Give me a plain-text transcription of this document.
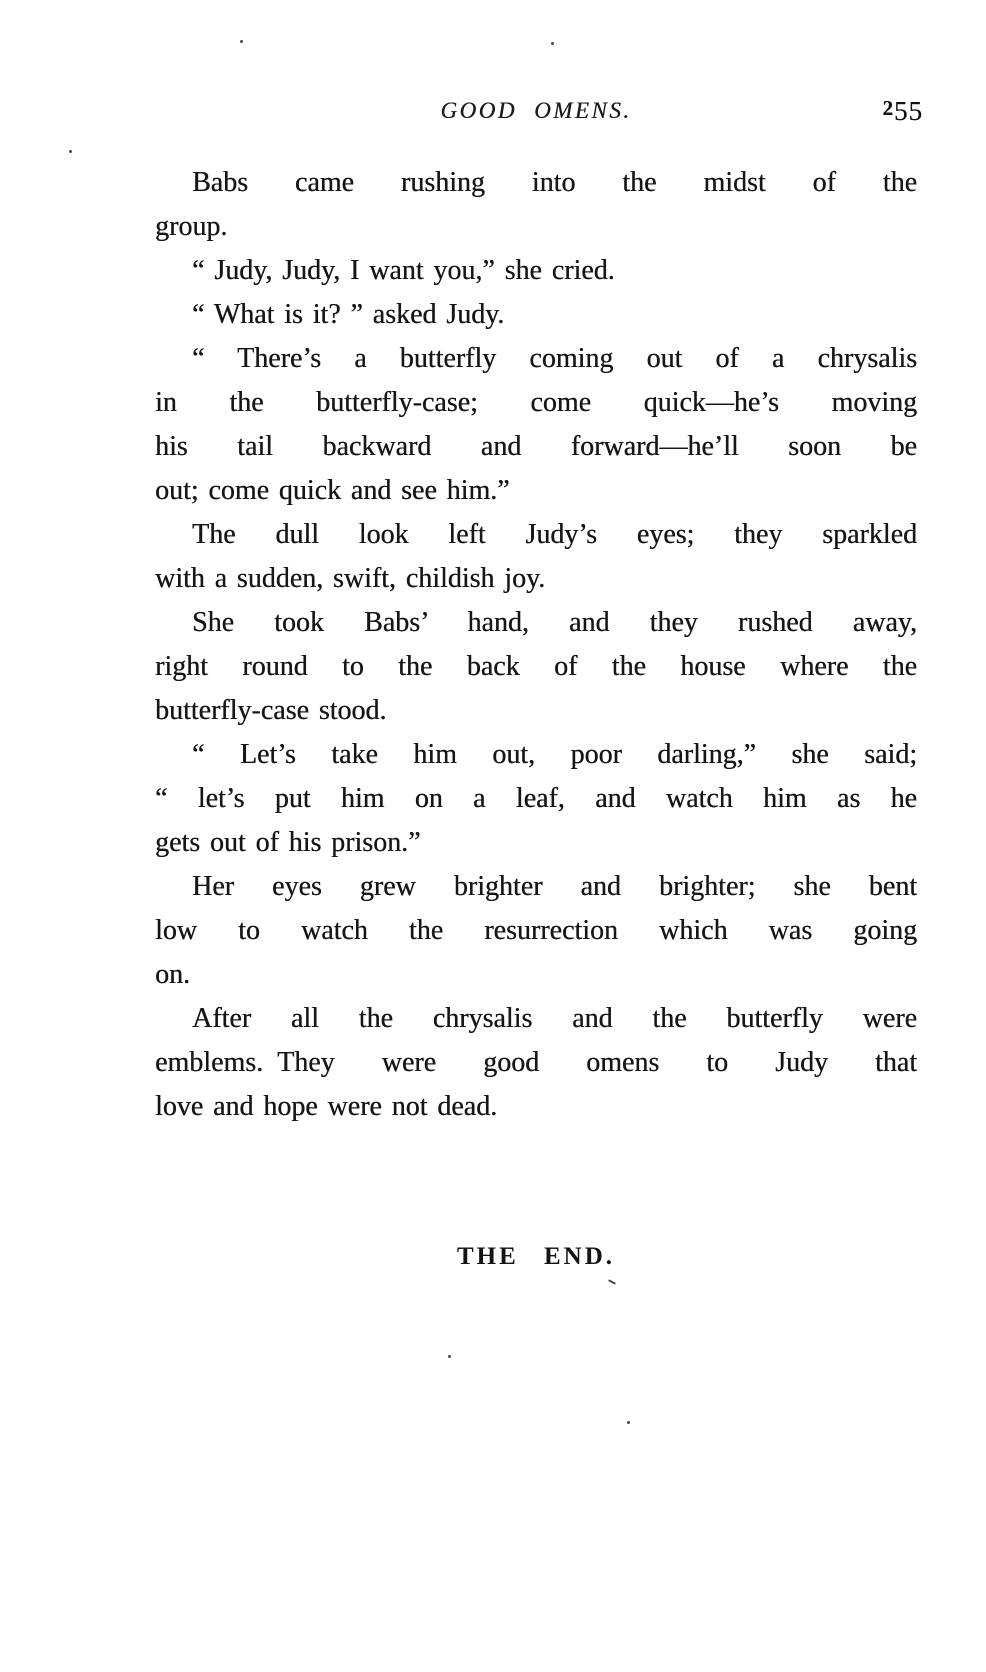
GOOD OMENS.	255
Babs came rushing into the midst of the
group.
“ Judy, Judy, I want you,” she cried.
“ What is it? ” asked Judy.
“ There’s a butterfly coming out of a chrysalis
in the butterfly-case; come quick—he’s moving
his tail backward and forward—he’ll soon be
out; come quick and see him.”
The dull look left Judy’s eyes; they sparkled
with a sudden, swift, childish joy.
She took Babs’ hand, and they rushed away,
right round to the back of the house where the
butterfly-case stood.
“ Let’s take him out, poor darling,” she said;
“ let’s put him on a leaf, and watch him as he
gets out of his prison.”
Her eyes grew brighter and brighter; she bent
low to watch the resurrection which was going
on.
After all the chrysalis and the butterfly were
emblems. They were good omens to Judy that
love and hope were not dead.
THE END.
